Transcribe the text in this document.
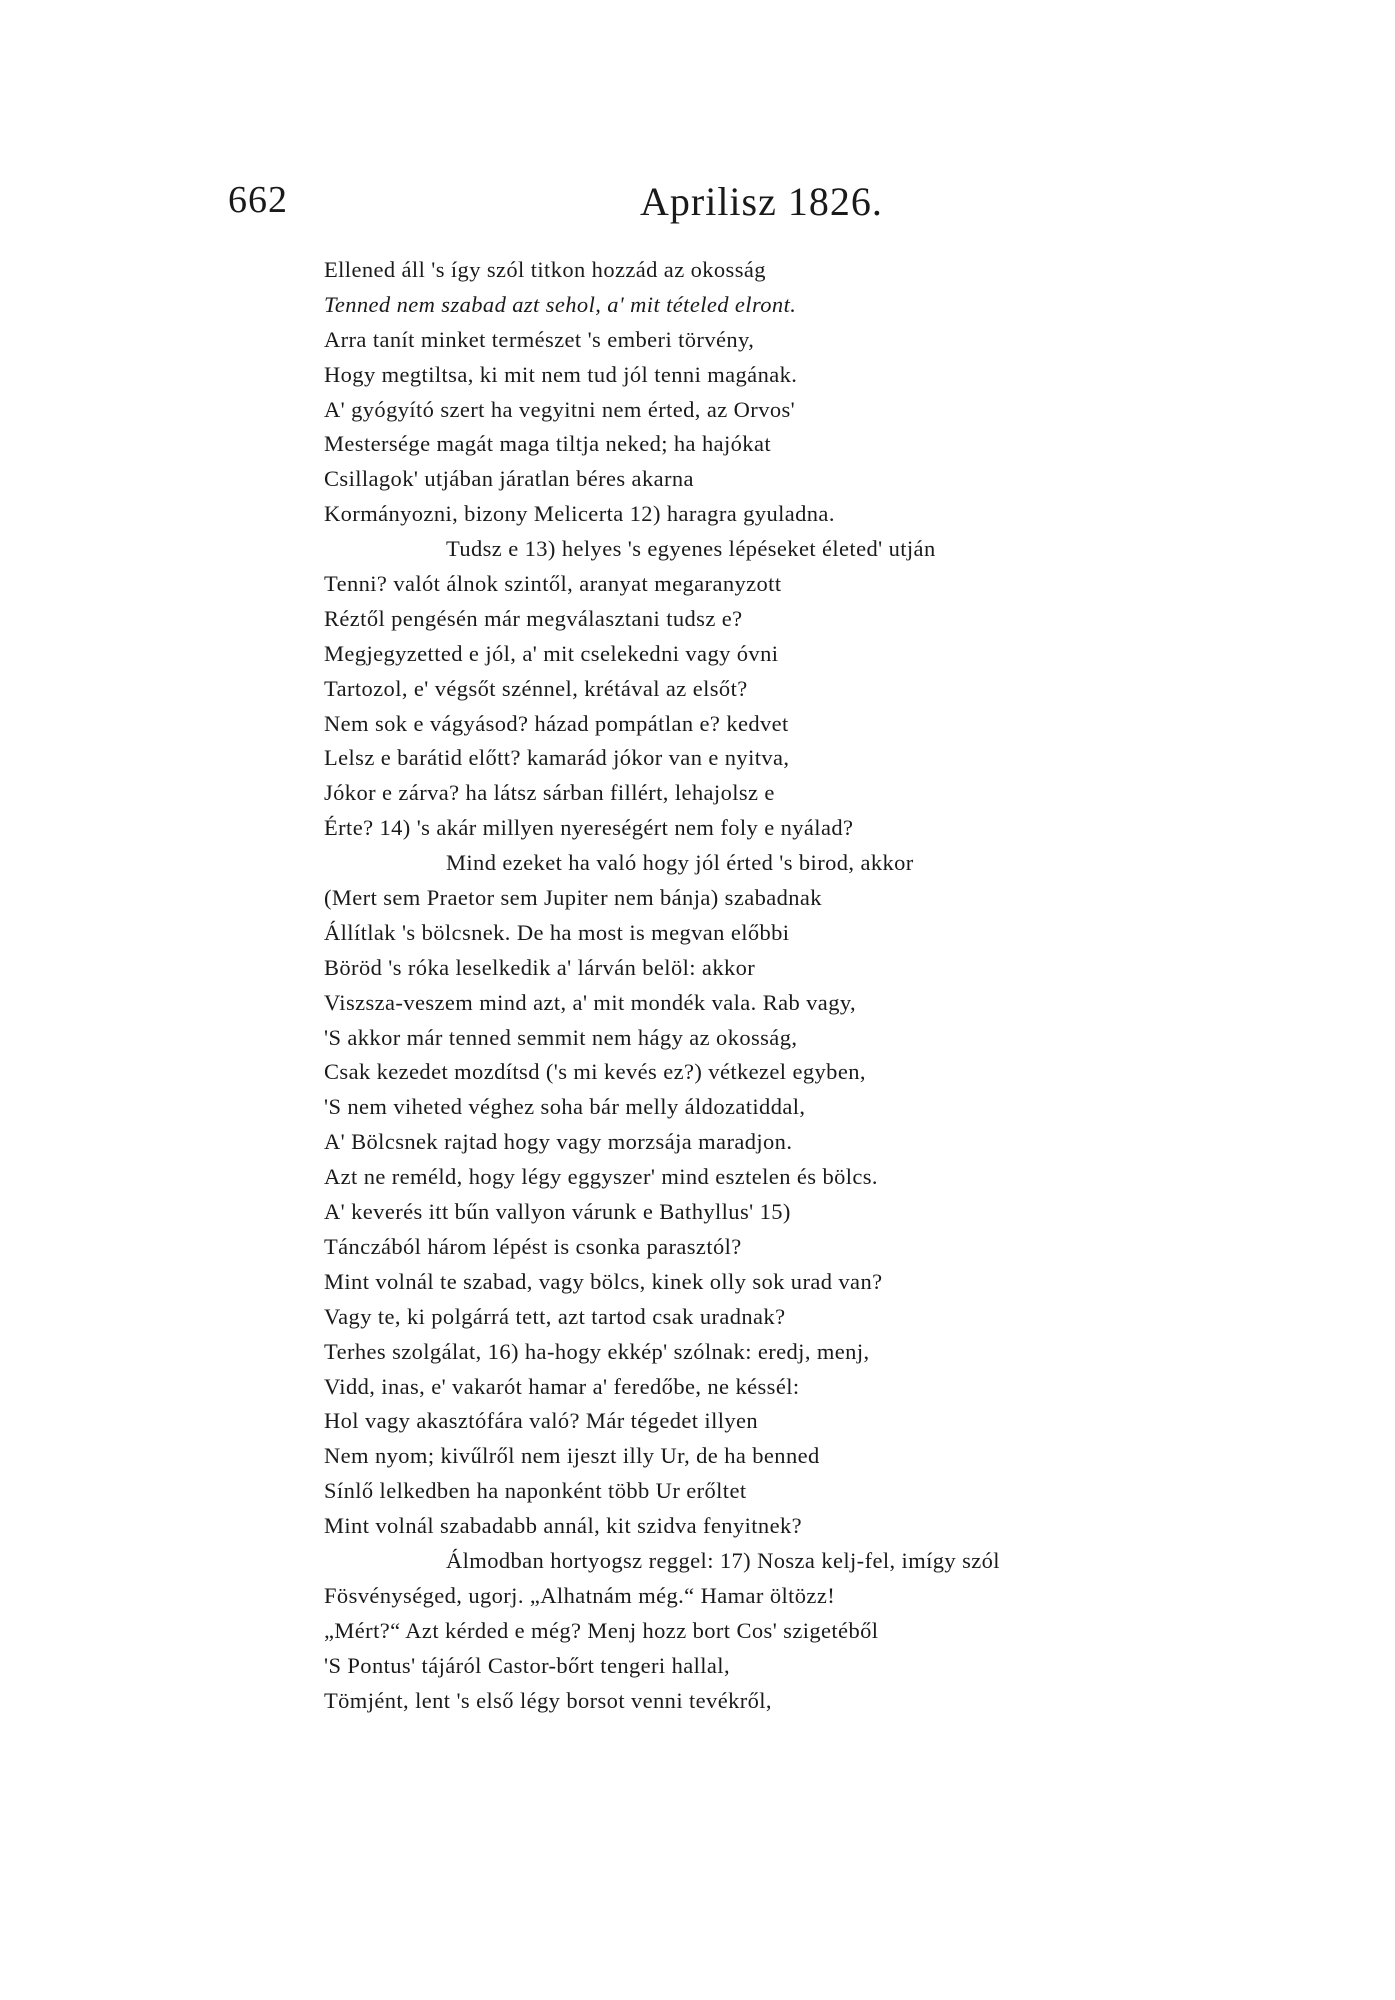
662	Aprilisz 1826.
Ellened áll 's így szól titkon hozzád az okosság
Tenned nem szabad azt sehol, a' mit tételed elront.
Arra tanít minket természet 's emberi törvény,
Hogy megtiltsa, ki mit nem tud jól tenni magának.
A' gyógyító szert ha vegyitni nem érted, az Orvos'
Mestersége magát maga tiltja neked; ha hajókat
Csillagok' utjában járatlan béres akarna
Kormányozni, bizony Melicerta 12) haragra gyuladna.
Tudsz e 13) helyes 's egyenes lépéseket életed' utján
Tenni? valót álnok szintől, aranyat megaranyzott
Réztől pengésén már megválasztani tudsz e?
Megjegyzetted e jól, a' mit cselekedni vagy óvni
Tartozol, e' végsőt szénnel, krétával az elsőt?
Nem sok e vágyásod? házad pompátlan e? kedvet
Lelsz e barátid előtt? kamarád jókor van e nyitva,
Jókor e zárva? ha látsz sárban fillért, lehajolsz e
Érte? 14) 's akár millyen nyereségért nem foly e nyálad?
Mind ezeket ha való hogy jól érted 's birod, akkor
(Mert sem Praetor sem Jupiter nem bánja) szabadnak
Állítlak 's bölcsnek. De ha most is megvan előbbi
Böröd 's róka leselkedik a' lárván belöl: akkor
Viszsza-veszem mind azt, a' mit mondék vala. Rab vagy,
'S akkor már tenned semmit nem hágy az okosság,
Csak kezedet mozdítsd ('s mi kevés ez?) vétkezel egyben,
'S nem viheted véghez soha bár melly áldozatiddal,
A' Bölcsnek rajtad hogy vagy morzsája maradjon.
Azt ne reméld, hogy légy eggyszer' mind esztelen és bölcs.
A' keverés itt bűn vallyon várunk e Bathyllus' 15)
Tánczából három lépést is csonka parasztól?
Mint volnál te szabad, vagy bölcs, kinek olly sok urad van?
Vagy te, ki polgárrá tett, azt tartod csak uradnak?
Terhes szolgálat, 16) ha-hogy ekkép' szólnak: eredj, menj,
Vidd, inas, e' vakarót hamar a' feredőbe, ne késsél:
Hol vagy akasztófára való? Már tégedet illyen
Nem nyom; kivűlről nem ijeszt illy Ur, de ha benned
Sínlő lelkedben ha naponként több Ur erőltet
Mint volnál szabadabb annál, kit szidva fenyitnek?
Álmodban hortyogsz reggel: 17) Nosza kelj-fel, imígy szól
Fösvénységed, ugorj. „Alhatnám még.“ Hamar öltözz!
„Mért?“ Azt kérded e még? Menj hozz bort Cos' szigetéből
'S Pontus' tájáról Castor-bőrt tengeri hallal,
Tömjént, lent 's első légy borsot venni tevékről,
